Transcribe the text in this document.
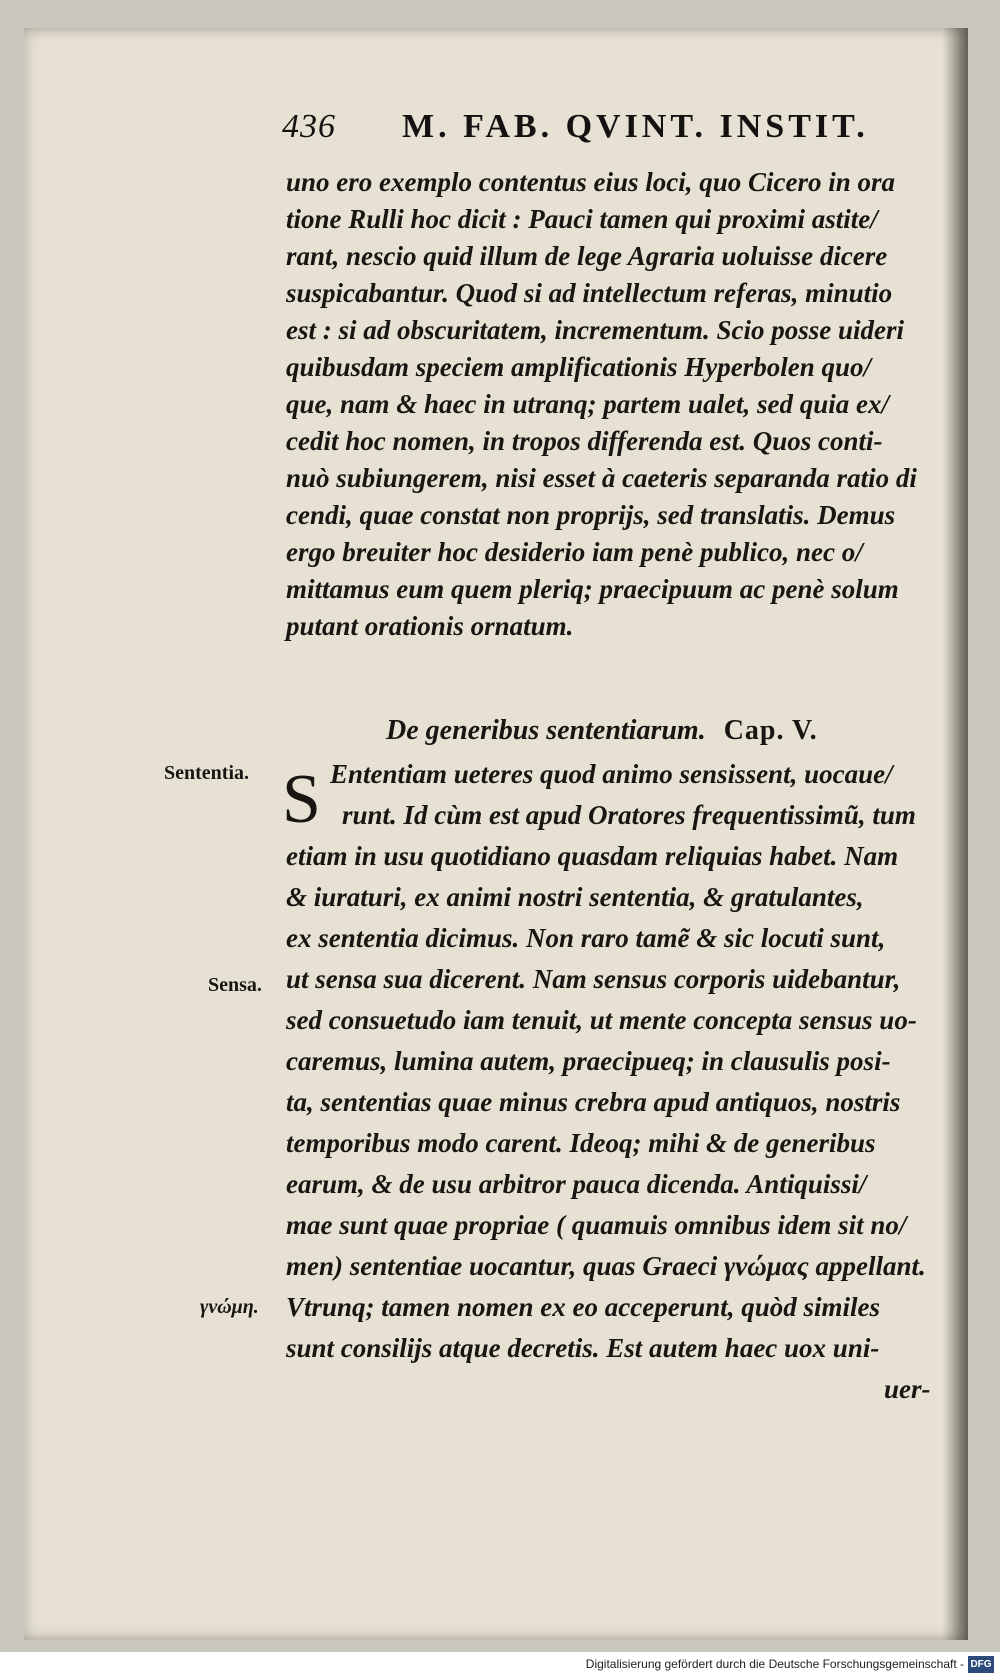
436 M. FAB. QVINT. INSTIT.
uno ero exemplo contentus eius loci, quo Cicero in ora
tione Rulli hoc dicit : Pauci tamen qui proximi astite/
rant, nescio quid illum de lege Agraria uoluisse dicere
suspicabantur. Quod si ad intellectum referas, minutio
est : si ad obscuritatem, incrementum. Scio posse uideri
quibusdam speciem amplificationis Hyperbolen quo/
que, nam & haec in utranq; partem ualet, sed quia ex/
cedit hoc nomen, in tropos differenda est. Quos conti-
nuò subiungerem, nisi esset à caeteris separanda ratio di
cendi, quae constat non proprijs, sed translatis. Demus
ergo breuiter hoc desiderio iam penè publico, nec o/
mittamus eum quem pleriq; praecipuum ac penè solum
putant orationis ornatum.
De generibus sententiarum. Cap. V.
S Ententiam ueteres quod animo sensissent, uocaue/
runt. Id cùm est apud Oratores frequentissimũ, tum
etiam in usu quotidiano quasdam reliquias habet. Nam
& iuraturi, ex animi nostri sententia, & gratulantes,
ex sententia dicimus. Non raro tamẽ & sic locuti sunt,
ut sensa sua dicerent. Nam sensus corporis uidebantur,
sed consuetudo iam tenuit, ut mente concepta sensus uo-
caremus, lumina autem, praecipueq; in clausulis posi-
ta, sententias quae minus crebra apud antiquos, nostris
temporibus modo carent. Ideoq; mihi & de generibus
earum, & de usu arbitror pauca dicenda. Antiquissi/
mae sunt quae propriae ( quamuis omnibus idem sit no/
men) sententiae uocantur, quas Graeci γνώμας appellant.
Vtrunq; tamen nomen ex eo acceperunt, quòd similes
sunt consilijs atque decretis. Est autem haec uox uni-
uer-
Sententia.
Sensa.
γνώμη.
Digitalisierung gefördert durch die Deutsche Forschungsgemeinschaft - DFG
